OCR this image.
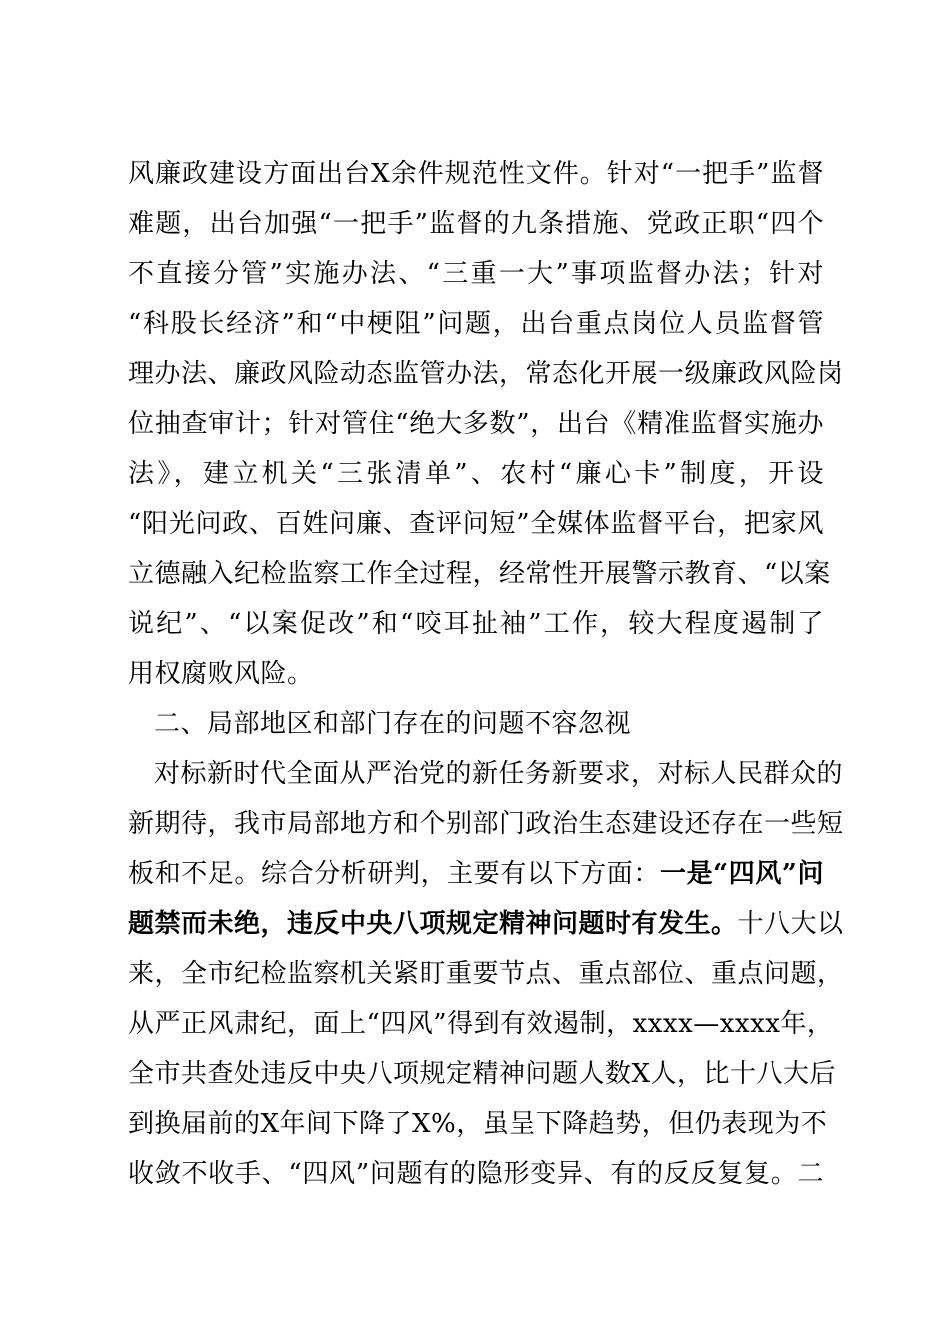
风廉政建设方面出台X余件规范性文件。针对“一把手”监督
难题，出台加强“一把手”监督的九条措施、党政正职“四个
不直接分管”实施办法、“三重一大”事项监督办法；针对
“科股长经济”和“中梗阻”问题，出台重点岗位人员监督管
理办法、廉政风险动态监管办法，常态化开展一级廉政风险岗
位抽查审计；针对管住“绝大多数”，出台《精准监督实施办
法》，建立机关“三张清单”、农村“廉心卡”制度，开设
“阳光问政、百姓问廉、查评问短”全媒体监督平台，把家风
立德融入纪检监察工作全过程，经常性开展警示教育、“以案
说纪”、“以案促改”和“咬耳扯袖”工作，较大程度遏制了
用权腐败风险。
二、局部地区和部门存在的问题不容忽视
对标新时代全面从严治党的新任务新要求，对标人民群众的
新期待，我市局部地方和个别部门政治生态建设还存在一些短
板和不足。综合分析研判，主要有以下方面：一是“四风”问
题禁而未绝，违反中央八项规定精神问题时有发生。十八大以
来，全市纪检监察机关紧盯重要节点、重点部位、重点问题，
从严正风肃纪，面上“四风”得到有效遏制，xxxx—xxxx年，
全市共查处违反中央八项规定精神问题人数X人，比十八大后
到换届前的X年间下降了X%，虽呈下降趋势，但仍表现为不
收敛不收手、“四风”问题有的隐形变异、有的反反复复。二
